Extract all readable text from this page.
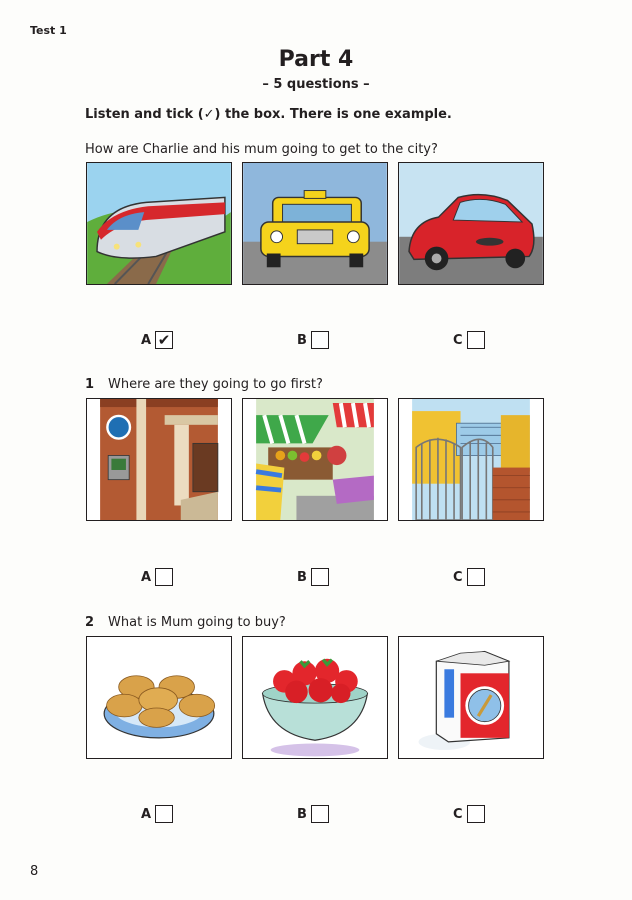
Test 1
Part 4
– 5 questions –
Listen and tick (✓) the box. There is one example.
How are Charlie and his mum going to get to the city?
A ✔	B	C
1 Where are they going to go first?
A	B	C
2 What is Mum going to buy?
A	B	C
8
